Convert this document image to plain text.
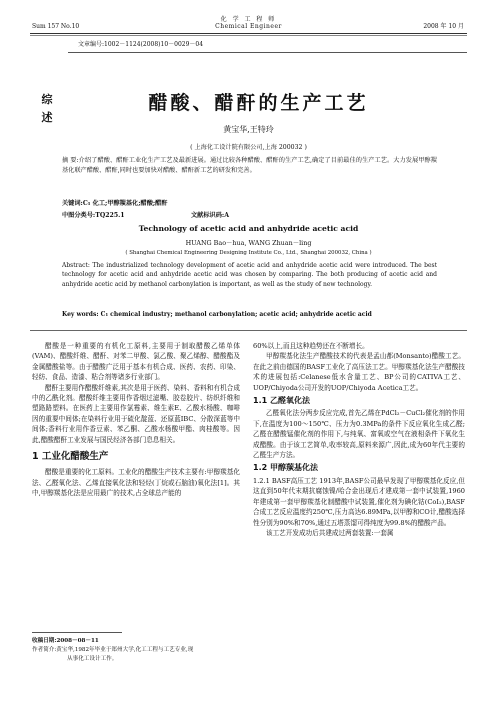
化 学 工 程 师
Chemical Engineer
Sum 157 No.10	2008 年 10 月
文章编号:1002－1124(2008)10－0029－04
综
述
醋酸、醋酐的生产工艺
黄宝华,王特玲
( 上海化工设计院有限公司,上海 200032 )

摘 要:介绍了醋酸、醋酐工业化生产工艺及最新进展。通过比较各种醋酸、醋酐的生产工艺,确定了目前最佳的生产工艺。大力发展甲醇羰基化联产醋酸、醋酐,同时也要加快对醋酸、醋酐新工艺的研发和完善。

关键词:C₁ 化工;甲醇羰基化;醋酸;醋酐
中图分类号:TQ225.1	文献标识码:A
Technology of acetic acid and anhydride acetic acid
HUANG Bao－hua, WANG Zhuan－ling
( Shanghai Chemical Engineering Designing Institute Co., Ltd., Shanghai 200032, China )

Abstract: The industrialized technology development of acetic acid and anhydride acetic acid were introduced. The best technology for acetic acid and anhydride acetic acid was chosen by comparing. The both producing of acetic acid and anhydride acetic acid by methanol carbonylation is important, as well as the study of new technology.

Key words: C₁ chemical industry; methanol carbonylation; acetic acid; anhydride acetic acid

醋酸是一种重要的有机化工原料,主要用于制取醋酸乙烯单体(VAM)、醋酸纤维、醋酐、对苯二甲酸、氯乙酸、聚乙烯醇、醋酸酯及金属醋酸盐等。由于醋酸广泛用于基本有机合成、医药、农药、印染、轻纺、食品、造漆、粘合剂等诸多行业部门。

醋酐主要用作醋酸纤维素,其次是用于医药、染料、香料和有机合成中的乙酰化剂。醋酸纤维主要用作香烟过滤嘴、胶卷胶片、纺织纤维和塑路路塑料。在医药上主要用作氯霉素、维生素E、乙酸水杨酸、咖啡因的重要中间体;在染料行业用于硫化靛蓝、还原蓝IBC、分散深蓝等中间体;香料行业用作香豆素、苯乙酮、乙酸水杨酸甲酯、肉桂酸等。因此,醋酸醋酐工业发展与国民经济各部门息息相关。

1 工业化醋酸生产

醋酸是重要的化工原料。工业化的醋酸生产技术主要有:甲醇羰基化法、乙醛氧化法、乙烯直接氧化法和轻烃(丁烷或石脑油)氧化法[1]。其中,甲醇羰基化法是应用最广的技术,占全球总产能的

60%以上,而且这种趋势还在不断增长。

甲醇羰基化法生产醋酸技术的代表是孟山都(Monsanto)醋酸工艺。在此之前由德国的BASF工业化了高压法工艺。甲醇羰基化法生产醋酸技术的进展包括:Celanese低水含量工艺、BP公司的CATIVA工艺、UOP/Chiyoda公司开发的UOP/Chiyoda Acetica工艺。

1.1 乙醛氧化法

乙醛氧化法分两步反应完成,首先乙烯在PdCl₂－CuCl₂催化剂的作用下,在温度为100～150℃、压力为0.3MPa的条件下反应氧化生成乙醛;乙醛在醋酸锰催化剂的作用下,与纯氧、富氧或空气在液相条件下氧化生成醋酸。由于该工艺简单,收率较高,原料来源广,因此,成为60年代主要的乙醛生产方法。

1.2 甲醇羰基化法

1.2.1 BASF高压工艺 1913年,BASF公司最早发现了甲醇羰基化反应,但这直到50年代末期抗腐蚀镍/哈合金出现后才建成第一套中试装置,1960年建成第一套甲醇羰基化制醋酸中试装置,催化剂为碘化钴(CoI₂),BASF合成工艺反应温度约250℃,压力高达6.89MPa,以甲醇和CO计,醋酸选择性分别为90%和70%,通过五塔蒸馏可得纯度为99.8%的醋酸产品。

该工艺开发成功后共建成过两套装置:一套属

收稿日期:2008－08－11
作者简介:黄宝华,1982年毕业于郑州大学,化工工程与工艺专业,现
从事化工设计工作。
